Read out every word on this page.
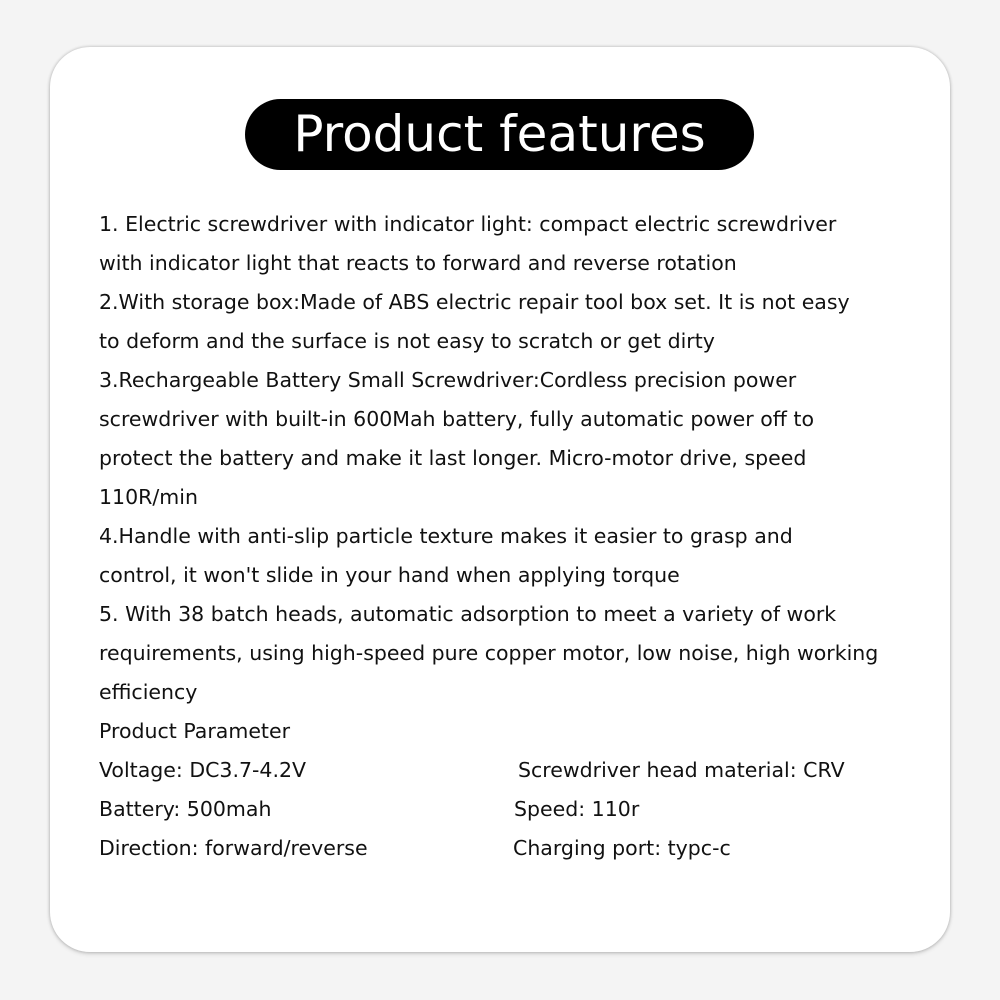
Product features
1. Electric screwdriver with indicator light: compact electric screwdriver
with indicator light that reacts to forward and reverse rotation
2.With storage box:Made of ABS electric repair tool box set. It is not easy
to deform and the surface is not easy to scratch or get dirty
3.Rechargeable Battery Small Screwdriver:Cordless precision power
screwdriver with built-in 600Mah battery, fully automatic power off to
protect the battery and make it last longer. Micro-motor drive, speed
110R/min
4.Handle with anti-slip particle texture makes it easier to grasp and
control, it won't slide in your hand when applying torque
5. With 38 batch heads, automatic adsorption to meet a variety of work
requirements, using high-speed pure copper motor, low noise, high working
efficiency
Product Parameter
Voltage: DC3.7-4.2V	Screwdriver head material: CRV
Battery: 500mah	Speed: 110r
Direction: forward/reverse	Charging port: typc-c
